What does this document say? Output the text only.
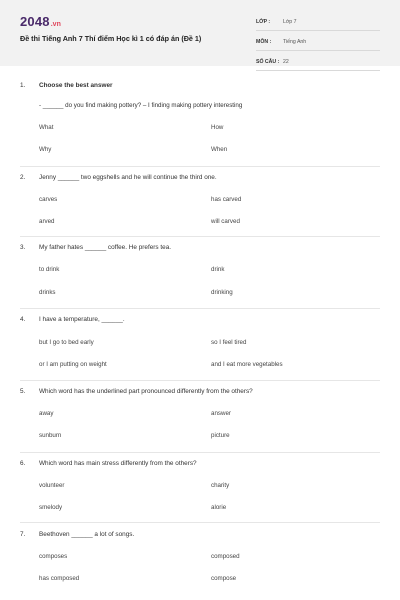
2048.vn
Đề thi Tiếng Anh 7 Thí điểm Học kì 1 có đáp án (Đề 1)
LỚP : Lớp 7
MÔN : Tiếng Anh
SỐ CÂU : 22
1. Choose the best answer
- ______ do you find making pottery? – I finding making pottery interesting
What	How
Why	When
2. Jenny ______ two eggshells and he will continue the third one.
carves	has carved
arved	will carved
3. My father hates ______ coffee. He prefers tea.
to drink	drink
drinks	drinking
4. I have a temperature, ______.
but I go to bed early	so I feel tired
or I am putting on weight	and I eat more vegetables
5. Which word has the underlined part pronounced differently from the others?
away	answer
sunburn	picture
6. Which word has main stress differently from the others?
volunteer	charity
smelody	alorie
7. Beethoven ______ a lot of songs.
composes	composed
has composed	compose
